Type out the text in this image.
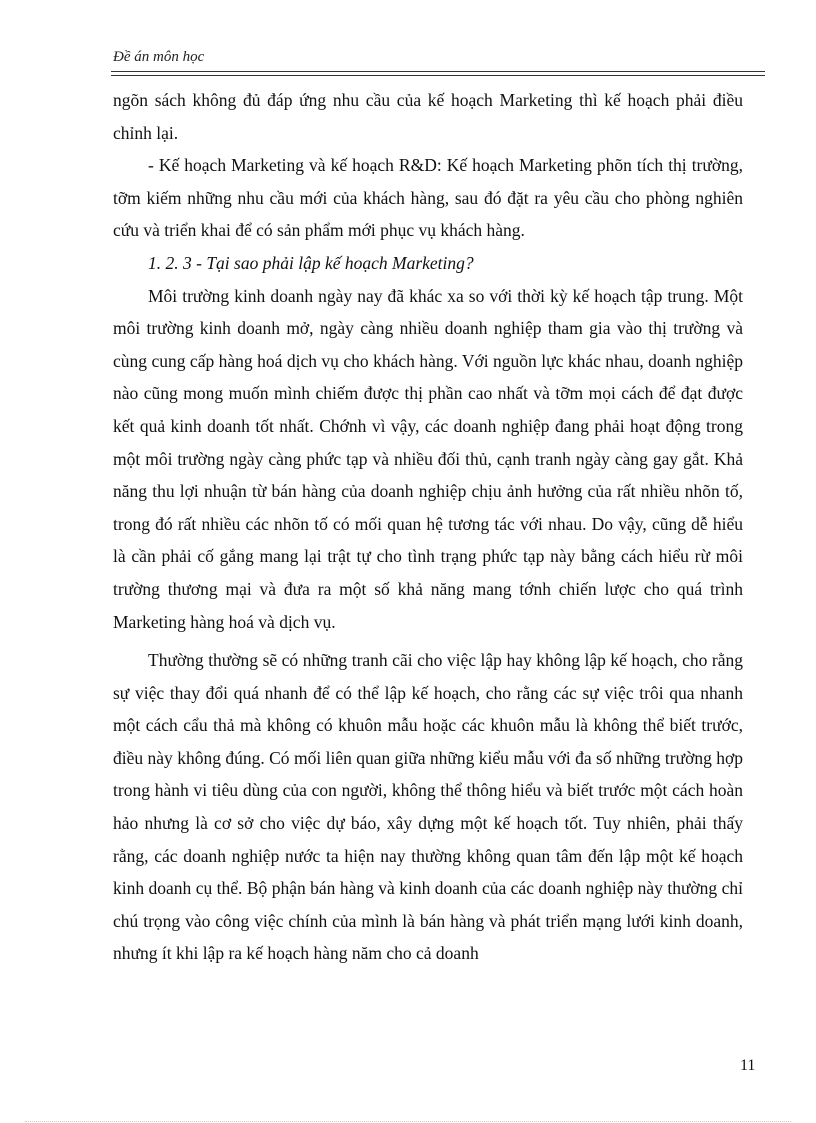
Đề án môn học

ngõn sách không đủ đáp ứng nhu cầu của kế hoạch Marketing thì kế hoạch phải điều chỉnh lại.

- Kế hoạch Marketing và kế hoạch R&D: Kế hoạch Marketing phõn tích thị trường, tỡm kiếm những nhu cầu mới của khách hàng, sau đó đặt ra yêu cầu cho phòng nghiên cứu và triển khai để có sản phẩm mới phục vụ khách hàng.

1. 2. 3 - Tại sao phải lập kế hoạch Marketing?

Môi trường kinh doanh ngày nay đã khác xa so với thời kỳ kế hoạch tập trung. Một môi trường kinh doanh mở, ngày càng nhiều doanh nghiệp tham gia vào thị trường và cùng cung cấp hàng hoá dịch vụ cho khách hàng. Với nguồn lực khác nhau, doanh nghiệp nào cũng mong muốn mình chiếm được thị phần cao nhất và tỡm mọi cách để đạt được kết quả kinh doanh tốt nhất. Chớnh vì vậy, các doanh nghiệp đang phải hoạt động trong một môi trường ngày càng phức tạp và nhiều đối thủ, cạnh tranh ngày càng gay gắt. Khả năng thu lợi nhuận từ bán hàng của doanh nghiệp chịu ảnh hưởng của rất nhiều nhõn tố, trong đó rất nhiều các nhõn tố có mối quan hệ tương tác với nhau. Do vậy, cũng dễ hiểu là cần phải cố gắng mang lại trật tự cho tình trạng phức tạp này bằng cách hiểu rừ môi trường thương mại và đưa ra một số khả năng mang tớnh chiến lược cho quá trình Marketing hàng hoá và dịch vụ.

Thường thường sẽ có những tranh cãi cho việc lập hay không lập kế hoạch, cho rằng sự việc thay đổi quá nhanh để có thể lập kế hoạch, cho rằng các sự việc trôi qua nhanh một cách cẩu thả mà không có khuôn mẫu hoặc các khuôn mẫu là không thể biết trước, điều này không đúng. Có mối liên quan giữa những kiểu mẫu với đa số những trường hợp trong hành vi tiêu dùng của con người, không thể thông hiểu và biết trước một cách hoàn hảo nhưng là cơ sở cho việc dự báo, xây dựng một kế hoạch tốt. Tuy nhiên, phải thấy rằng, các doanh nghiệp nước ta hiện nay thường không quan tâm đến lập một kế hoạch kinh doanh cụ thể. Bộ phận bán hàng và kinh doanh của các doanh nghiệp này thường chỉ chú trọng vào công việc chính của mình là bán hàng và phát triển mạng lưới kinh doanh, nhưng ít khi lập ra kế hoạch hàng năm cho cả doanh

11
